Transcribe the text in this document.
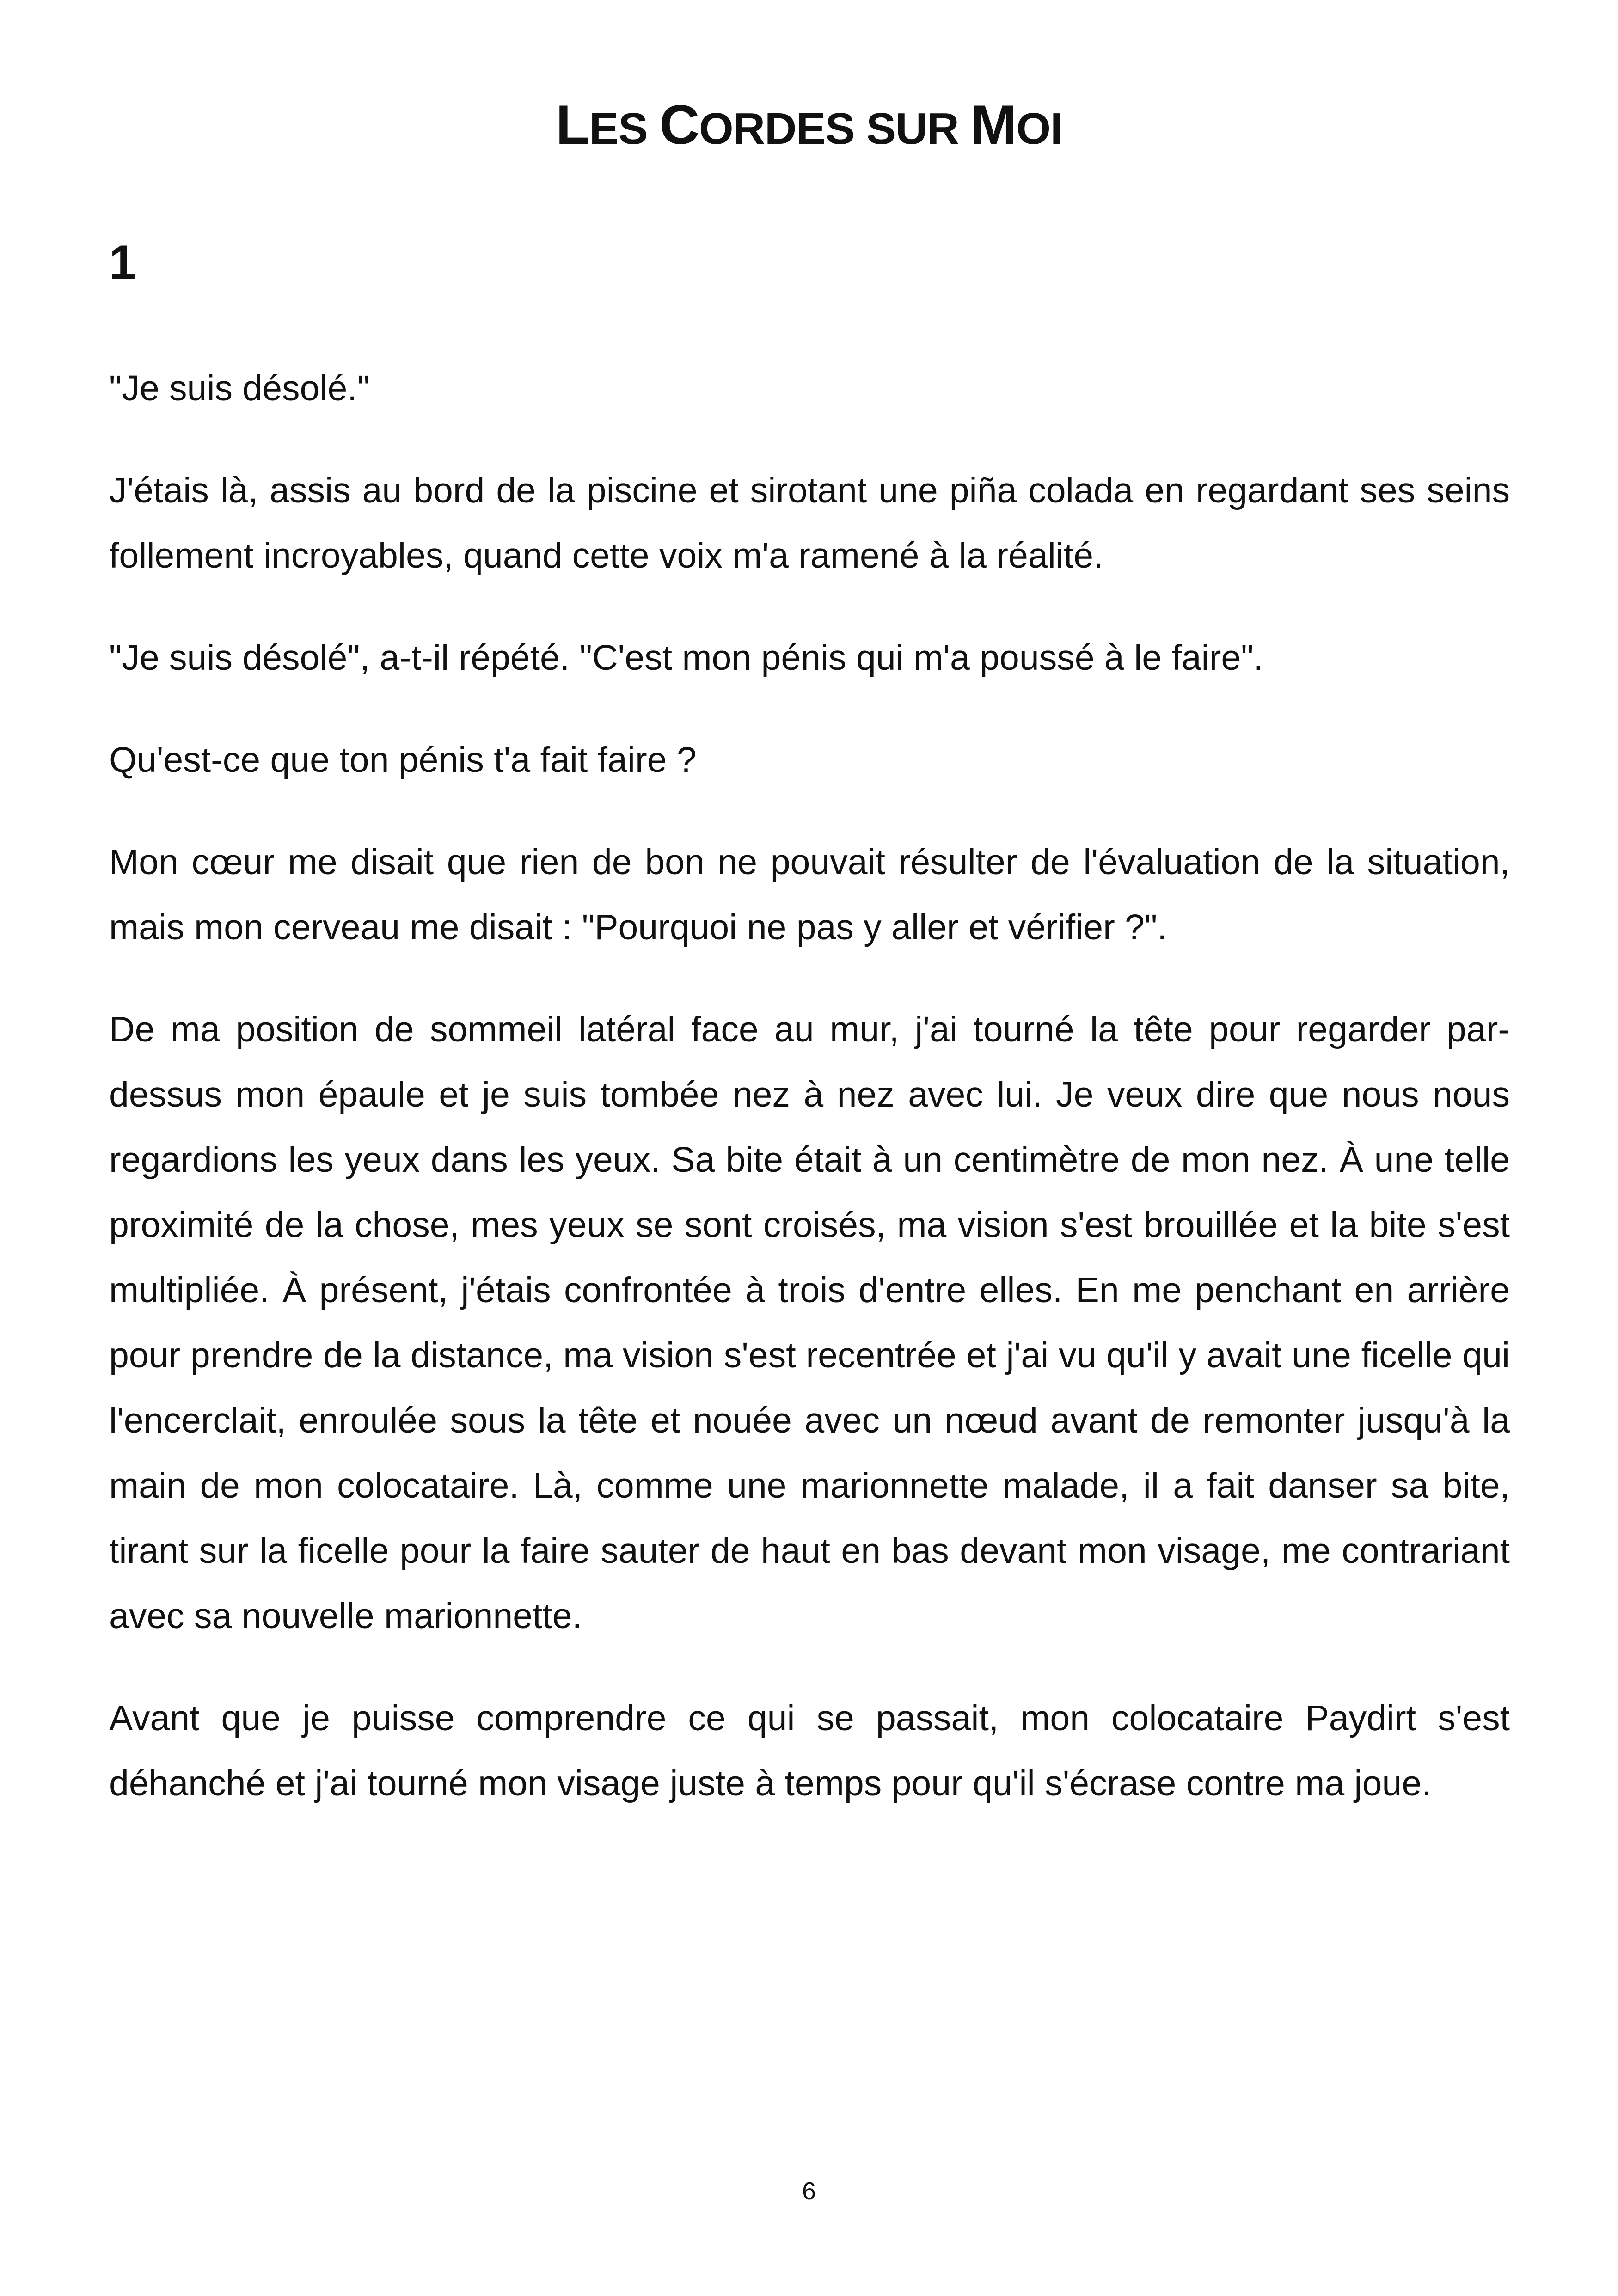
LES CORDES SUR MOI
1

"Je suis désolé."

J'étais là, assis au bord de la piscine et sirotant une piña colada en regardant ses seins follement incroyables, quand cette voix m'a ramené à la réalité.

"Je suis désolé", a-t-il répété. "C'est mon pénis qui m'a poussé à le faire".

Qu'est-ce que ton pénis t'a fait faire ?

Mon cœur me disait que rien de bon ne pouvait résulter de l'évaluation de la situation, mais mon cerveau me disait : "Pourquoi ne pas y aller et vérifier ?".

De ma position de sommeil latéral face au mur, j'ai tourné la tête pour regarder par-dessus mon épaule et je suis tombée nez à nez avec lui. Je veux dire que nous nous regardions les yeux dans les yeux. Sa bite était à un centimètre de mon nez. À une telle proximité de la chose, mes yeux se sont croisés, ma vision s'est brouillée et la bite s'est multipliée. À présent, j'étais confrontée à trois d'entre elles. En me penchant en arrière pour prendre de la distance, ma vision s'est recentrée et j'ai vu qu'il y avait une ficelle qui l'encerclait, enroulée sous la tête et nouée avec un nœud avant de remonter jusqu'à la main de mon colocataire. Là, comme une marionnette malade, il a fait danser sa bite, tirant sur la ficelle pour la faire sauter de haut en bas devant mon visage, me contrariant avec sa nouvelle marionnette.

Avant que je puisse comprendre ce qui se passait, mon colocataire Paydirt s'est déhanché et j'ai tourné mon visage juste à temps pour qu'il s'écrase contre ma joue.

6
